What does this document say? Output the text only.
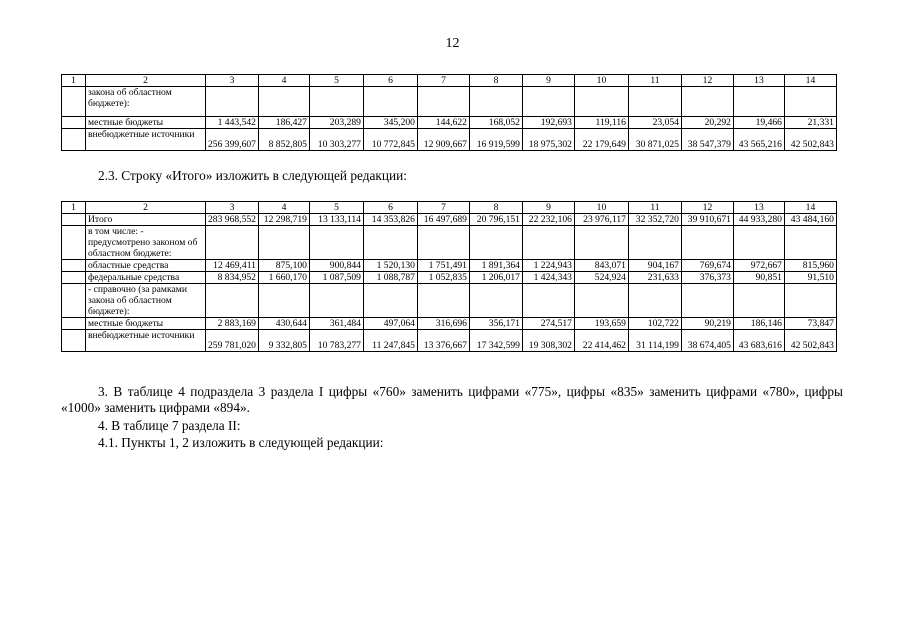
12
1	2	3	4	5	6	7	8	9	10	11	12	13	14
	закона об областном бюджете):												
	местные бюджеты	1 443,542	186,427	203,289	345,200	144,622	168,052	192,693	119,116	23,054	20,292	19,466	21,331
	внебюджетные источники	256 399,607	8 852,805	10 303,277	10 772,845	12 909,667	16 919,599	18 975,302	22 179,649	30 871,025	38 547,379	43 565,216	42 502,843
2.3. Строку «Итого» изложить в следующей редакции:
1	2	3	4	5	6	7	8	9	10	11	12	13	14
	Итого	283 968,552	12 298,719	13 133,114	14 353,826	16 497,689	20 796,151	22 232,106	23 976,117	32 352,720	39 910,671	44 933,280	43 484,160
	в том числе: - предусмотрено законом об областном бюджете:												
	областные средства	12 469,411	875,100	900,844	1 520,130	1 751,491	1 891,364	1 224,943	843,071	904,167	769,674	972,667	815,960
	федеральные средства	8 834,952	1 660,170	1 087,509	1 088,787	1 052,835	1 206,017	1 424,343	524,924	231,633	376,373	90,851	91,510
	- справочно (за рамками закона об областном бюджете):												
	местные бюджеты	2 883,169	430,644	361,484	497,064	316,696	356,171	274,517	193,659	102,722	90,219	186,146	73,847
	внебюджетные источники	259 781,020	9 332,805	10 783,277	11 247,845	13 376,667	17 342,599	19 308,302	22 414,462	31 114,199	38 674,405	43 683,616	42 502,843
3. В таблице 4 подраздела 3 раздела I цифры «760» заменить цифрами «775», цифры «835» заменить цифрами «780», цифры «1000» заменить цифрами «894».
4. В таблице 7 раздела II:
4.1. Пункты 1, 2 изложить в следующей редакции:
